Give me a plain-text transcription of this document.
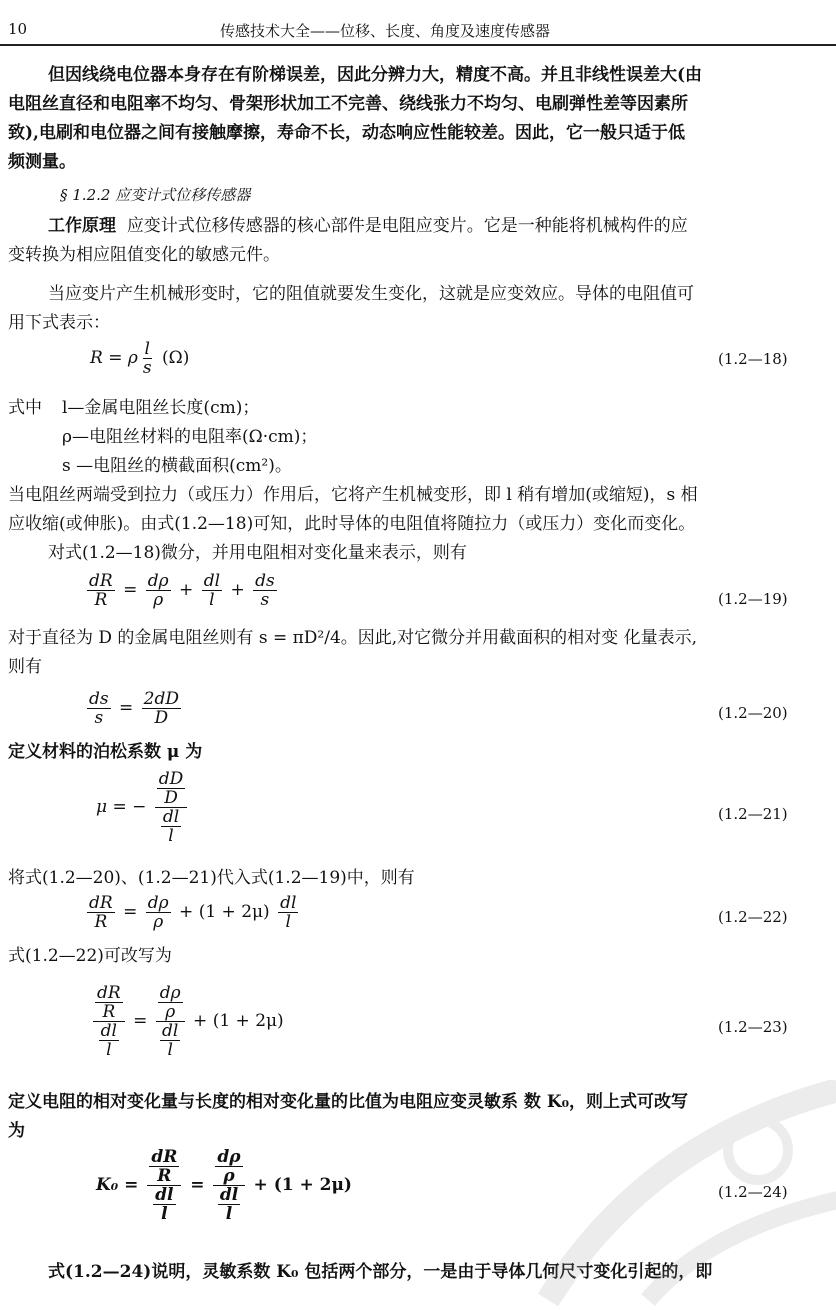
10	传感技术大全——位移、长度、角度及速度传感器
但因线绕电位器本身存在有阶梯误差，因此分辨力大，精度不高。并且非线性误差大(由
电阻丝直径和电阻率不均匀、骨架形状加工不完善、绕线张力不均匀、电刷弹性差等因素所
致),电刷和电位器之间有接触摩擦，寿命不长，动态响应性能较差。因此，它一般只适于低
频测量。
§ 1.2.2 应变计式位移传感器
工作原理 应变计式位移传感器的核心部件是电阻应变片。它是一种能将机械构件的应
变转换为相应阻值变化的敏感元件。
当应变片产生机械形变时，它的阻值就要发生变化，这就是应变效应。导体的电阻值可
用下式表示：
R = ρ $\frac{l}{s} (\Omega)$	(1.2—18)
式中 l—金属电阻丝长度(cm)；
ρ—电阻丝材料的电阻率(Ω·cm)；
s —电阻丝的横截面积(cm²)。
当电阻丝两端受到拉力（或压力）作用后，它将产生机械变形，即 l 稍有增加(或缩短)，s 相
应收缩(或伸胀)。由式(1.2—18)可知，此时导体的电阻值将随拉力（或压力）变化而变化。
对式(1.2—18)微分，并用电阻相对变化量来表示，则有
$\frac{dR}{R} = \frac{d\rho}{\rho} + \frac{dl}{l} + \frac{ds}{s}$	(1.2—19)
对于直径为 D 的金属电阻丝则有 s = πD²/4。因此,对它微分并用截面积的相对变 化量表示,
则有
$\frac{ds}{s} = \frac{2dD}{D}$	(1.2—20)
定义材料的泊松系数 μ 为
μ = − $\frac{\frac{dD}{D}}{\frac{dl}{l}}$	(1.2—21)
将式(1.2—20)、(1.2—21)代入式(1.2—19)中，则有
$\frac{dR}{R} = \frac{d\rho}{\rho} + (1 + 2\mu) \frac{dl}{l}$	(1.2—22)
式(1.2—22)可改写为
$\frac{\frac{dR}{R}}{\frac{dl}{l}} = \frac{\frac{d\rho}{\rho}}{\frac{dl}{l}} + (1 + 2\mu)$	(1.2—23)
定义电阻的相对变化量与长度的相对变化量的比值为电阻应变灵敏系 数 K₀，则上式可改写
为
$K_0 = \frac{\frac{dR}{R}}{\frac{dl}{l}} = \frac{\frac{d\rho}{\rho}}{\frac{dl}{l}} + (1 + 2\mu)$	(1.2—24)
式(1.2—24)说明，灵敏系数 K₀ 包括两个部分，一是由于导体几何尺寸变化引起的，即
